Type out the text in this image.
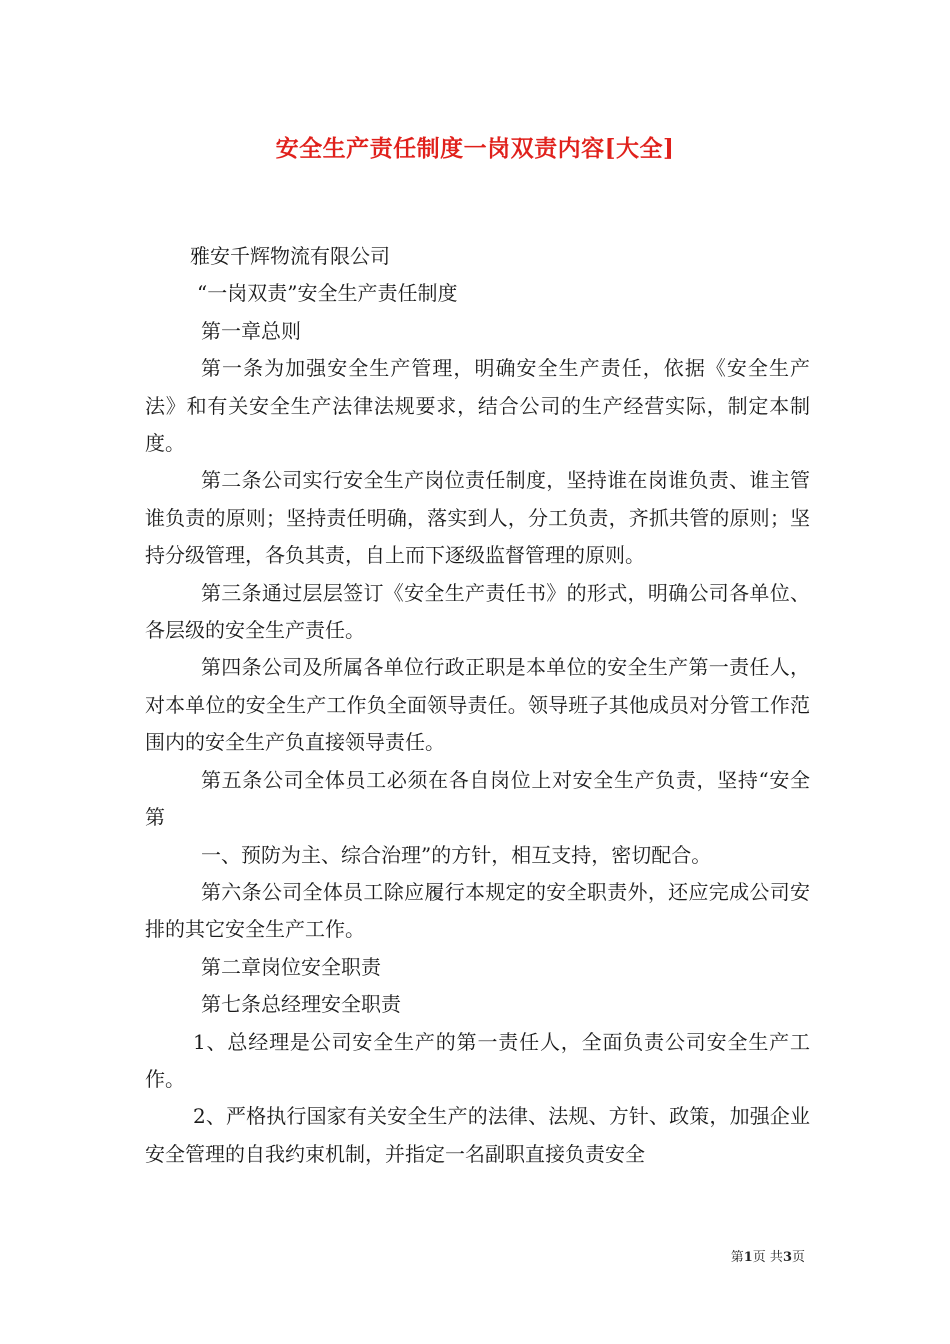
安全生产责任制度一岗双责内容[大全]

雅安千辉物流有限公司

“一岗双责”安全生产责任制度

第一章总则

第一条为加强安全生产管理，明确安全生产责任，依据《安全生产法》和有关安全生产法律法规要求，结合公司的生产经营实际，制定本制度。

第二条公司实行安全生产岗位责任制度，坚持谁在岗谁负责、谁主管谁负责的原则；坚持责任明确，落实到人，分工负责，齐抓共管的原则；坚持分级管理，各负其责，自上而下逐级监督管理的原则。

第三条通过层层签订《安全生产责任书》的形式，明确公司各单位、各层级的安全生产责任。

第四条公司及所属各单位行政正职是本单位的安全生产第一责任人，对本单位的安全生产工作负全面领导责任。领导班子其他成员对分管工作范围内的安全生产负直接领导责任。

第五条公司全体员工必须在各自岗位上对安全生产负责，坚持“安全第

一、预防为主、综合治理”的方针，相互支持，密切配合。

第六条公司全体员工除应履行本规定的安全职责外，还应完成公司安排的其它安全生产工作。

第二章岗位安全职责

第七条总经理安全职责

1、总经理是公司安全生产的第一责任人，全面负责公司安全生产工作。

2、严格执行国家有关安全生产的法律、法规、方针、政策，加强企业安全管理的自我约束机制，并指定一名副职直接负责安全

第1页 共3页
